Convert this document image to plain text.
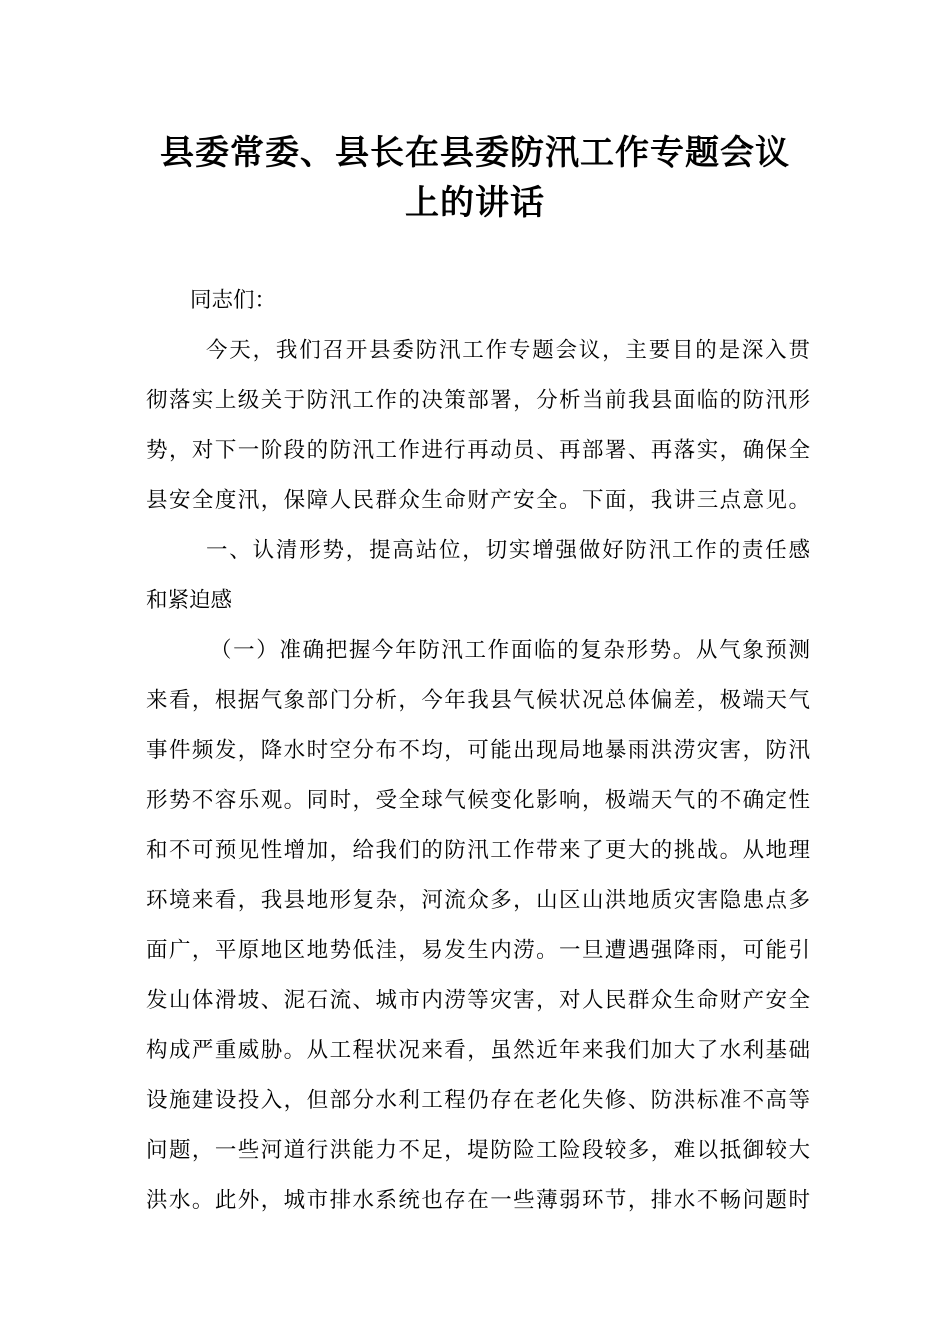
县委常委、县长在县委防汛工作专题会议
上的讲话
同志们：
今天，我们召开县委防汛工作专题会议，主要目的是深入贯
彻落实上级关于防汛工作的决策部署，分析当前我县面临的防汛形
势，对下一阶段的防汛工作进行再动员、再部署、再落实，确保全
县安全度汛，保障人民群众生命财产安全。下面，我讲三点意见。
一、认清形势，提高站位，切实增强做好防汛工作的责任感
和紧迫感
（一）准确把握今年防汛工作面临的复杂形势。从气象预测
来看，根据气象部门分析，今年我县气候状况总体偏差，极端天气
事件频发，降水时空分布不均，可能出现局地暴雨洪涝灾害，防汛
形势不容乐观。同时，受全球气候变化影响，极端天气的不确定性
和不可预见性增加，给我们的防汛工作带来了更大的挑战。从地理
环境来看，我县地形复杂，河流众多，山区山洪地质灾害隐患点多
面广，平原地区地势低洼，易发生内涝。一旦遭遇强降雨，可能引
发山体滑坡、泥石流、城市内涝等灾害，对人民群众生命财产安全
构成严重威胁。从工程状况来看，虽然近年来我们加大了水利基础
设施建设投入，但部分水利工程仍存在老化失修、防洪标准不高等
问题，一些河道行洪能力不足，堤防险工险段较多，难以抵御较大
洪水。此外，城市排水系统也存在一些薄弱环节，排水不畅问题时
